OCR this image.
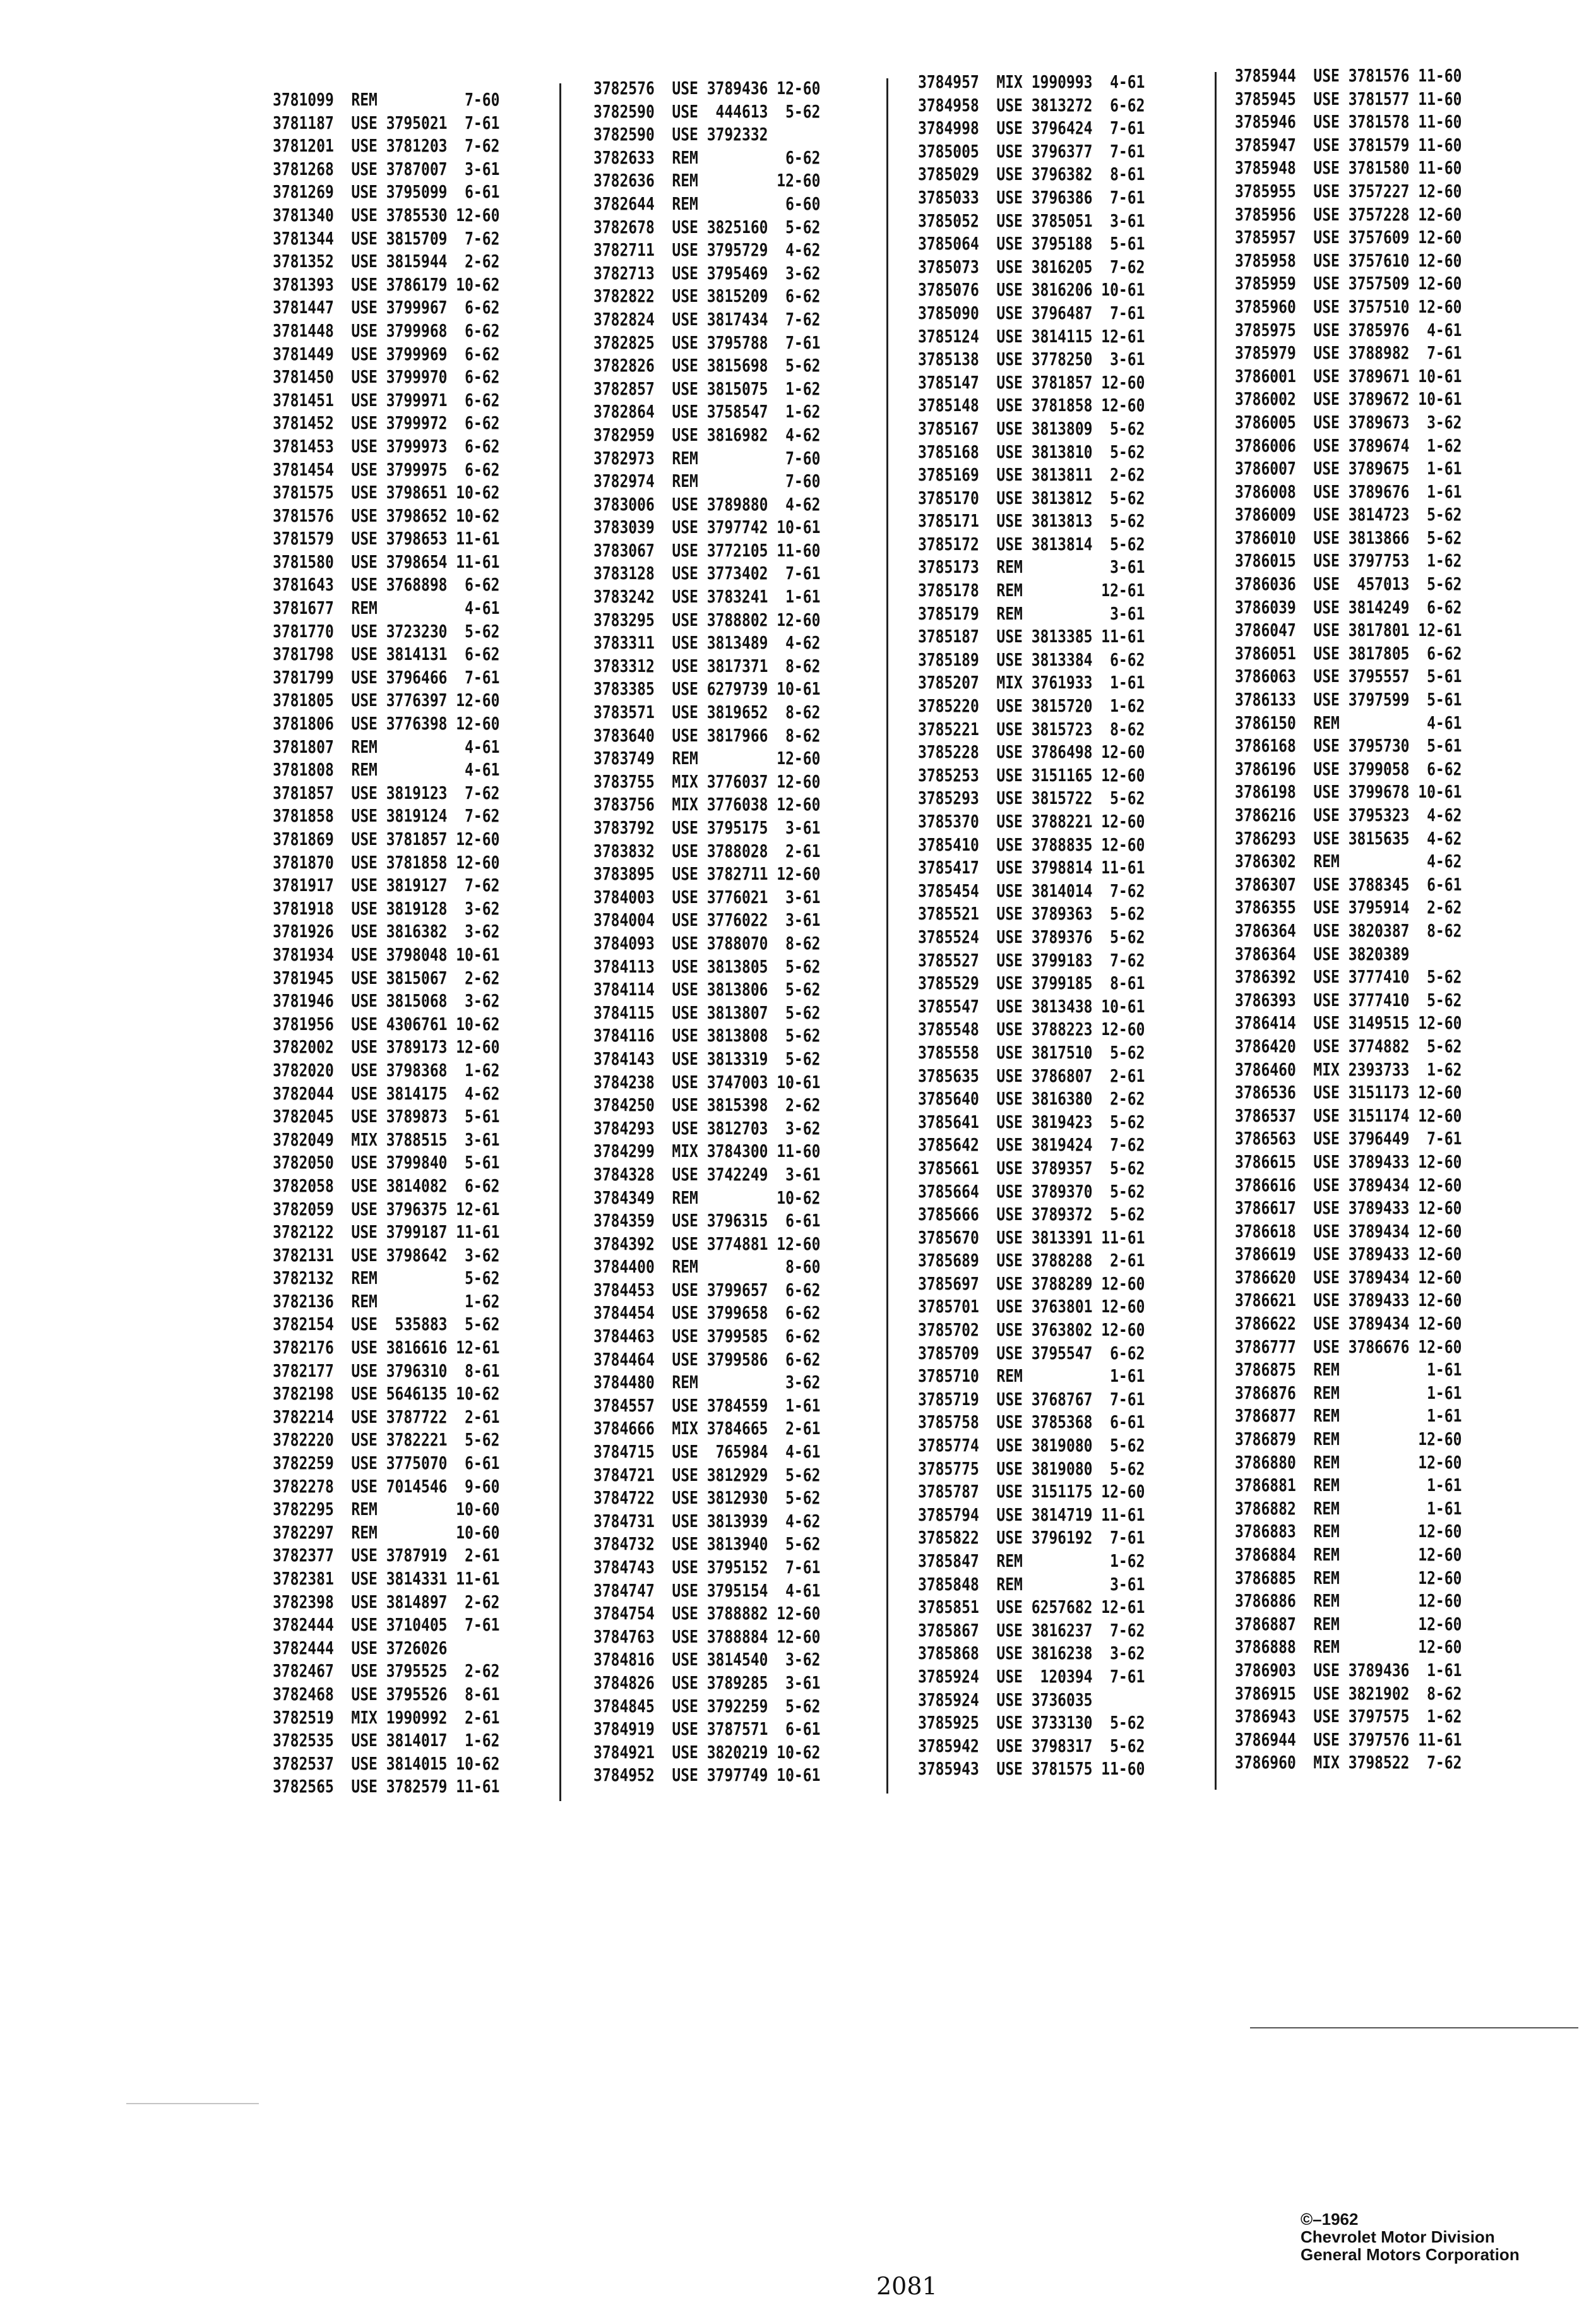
3781099  REM          7-60
3781187  USE 3795021  7-61
3781201  USE 3781203  7-62
3781268  USE 3787007  3-61
3781269  USE 3795099  6-61
3781340  USE 3785530 12-60
3781344  USE 3815709  7-62
3781352  USE 3815944  2-62
3781393  USE 3786179 10-62
3781447  USE 3799967  6-62
3781448  USE 3799968  6-62
3781449  USE 3799969  6-62
3781450  USE 3799970  6-62
3781451  USE 3799971  6-62
3781452  USE 3799972  6-62
3781453  USE 3799973  6-62
3781454  USE 3799975  6-62
3781575  USE 3798651 10-62
3781576  USE 3798652 10-62
3781579  USE 3798653 11-61
3781580  USE 3798654 11-61
3781643  USE 3768898  6-62
3781677  REM          4-61
3781770  USE 3723230  5-62
3781798  USE 3814131  6-62
3781799  USE 3796466  7-61
3781805  USE 3776397 12-60
3781806  USE 3776398 12-60
3781807  REM          4-61
3781808  REM          4-61
3781857  USE 3819123  7-62
3781858  USE 3819124  7-62
3781869  USE 3781857 12-60
3781870  USE 3781858 12-60
3781917  USE 3819127  7-62
3781918  USE 3819128  3-62
3781926  USE 3816382  3-62
3781934  USE 3798048 10-61
3781945  USE 3815067  2-62
3781946  USE 3815068  3-62
3781956  USE 4306761 10-62
3782002  USE 3789173 12-60
3782020  USE 3798368  1-62
3782044  USE 3814175  4-62
3782045  USE 3789873  5-61
3782049  MIX 3788515  3-61
3782050  USE 3799840  5-61
3782058  USE 3814082  6-62
3782059  USE 3796375 12-61
3782122  USE 3799187 11-61
3782131  USE 3798642  3-62
3782132  REM          5-62
3782136  REM          1-62
3782154  USE  535883  5-62
3782176  USE 3816616 12-61
3782177  USE 3796310  8-61
3782198  USE 5646135 10-62
3782214  USE 3787722  2-61
3782220  USE 3782221  5-62
3782259  USE 3775070  6-61
3782278  USE 7014546  9-60
3782295  REM         10-60
3782297  REM         10-60
3782377  USE 3787919  2-61
3782381  USE 3814331 11-61
3782398  USE 3814897  2-62
3782444  USE 3710405  7-61
3782444  USE 3726026
3782467  USE 3795525  2-62
3782468  USE 3795526  8-61
3782519  MIX 1990992  2-61
3782535  USE 3814017  1-62
3782537  USE 3814015 10-62
3782565  USE 3782579 11-61
3782576  USE 3789436 12-60
3782590  USE  444613  5-62
3782590  USE 3792332
3782633  REM          6-62
3782636  REM         12-60
3782644  REM          6-60
3782678  USE 3825160  5-62
3782711  USE 3795729  4-62
3782713  USE 3795469  3-62
3782822  USE 3815209  6-62
3782824  USE 3817434  7-62
3782825  USE 3795788  7-61
3782826  USE 3815698  5-62
3782857  USE 3815075  1-62
3782864  USE 3758547  1-62
3782959  USE 3816982  4-62
3782973  REM          7-60
3782974  REM          7-60
3783006  USE 3789880  4-62
3783039  USE 3797742 10-61
3783067  USE 3772105 11-60
3783128  USE 3773402  7-61
3783242  USE 3783241  1-61
3783295  USE 3788802 12-60
3783311  USE 3813489  4-62
3783312  USE 3817371  8-62
3783385  USE 6279739 10-61
3783571  USE 3819652  8-62
3783640  USE 3817966  8-62
3783749  REM         12-60
3783755  MIX 3776037 12-60
3783756  MIX 3776038 12-60
3783792  USE 3795175  3-61
3783832  USE 3788028  2-61
3783895  USE 3782711 12-60
3784003  USE 3776021  3-61
3784004  USE 3776022  3-61
3784093  USE 3788070  8-62
3784113  USE 3813805  5-62
3784114  USE 3813806  5-62
3784115  USE 3813807  5-62
3784116  USE 3813808  5-62
3784143  USE 3813319  5-62
3784238  USE 3747003 10-61
3784250  USE 3815398  2-62
3784293  USE 3812703  3-62
3784299  MIX 3784300 11-60
3784328  USE 3742249  3-61
3784349  REM         10-62
3784359  USE 3796315  6-61
3784392  USE 3774881 12-60
3784400  REM          8-60
3784453  USE 3799657  6-62
3784454  USE 3799658  6-62
3784463  USE 3799585  6-62
3784464  USE 3799586  6-62
3784480  REM          3-62
3784557  USE 3784559  1-61
3784666  MIX 3784665  2-61
3784715  USE  765984  4-61
3784721  USE 3812929  5-62
3784722  USE 3812930  5-62
3784731  USE 3813939  4-62
3784732  USE 3813940  5-62
3784743  USE 3795152  7-61
3784747  USE 3795154  4-61
3784754  USE 3788882 12-60
3784763  USE 3788884 12-60
3784816  USE 3814540  3-62
3784826  USE 3789285  3-61
3784845  USE 3792259  5-62
3784919  USE 3787571  6-61
3784921  USE 3820219 10-62
3784952  USE 3797749 10-61
3784957  MIX 1990993  4-61
3784958  USE 3813272  6-62
3784998  USE 3796424  7-61
3785005  USE 3796377  7-61
3785029  USE 3796382  8-61
3785033  USE 3796386  7-61
3785052  USE 3785051  3-61
3785064  USE 3795188  5-61
3785073  USE 3816205  7-62
3785076  USE 3816206 10-61
3785090  USE 3796487  7-61
3785124  USE 3814115 12-61
3785138  USE 3778250  3-61
3785147  USE 3781857 12-60
3785148  USE 3781858 12-60
3785167  USE 3813809  5-62
3785168  USE 3813810  5-62
3785169  USE 3813811  2-62
3785170  USE 3813812  5-62
3785171  USE 3813813  5-62
3785172  USE 3813814  5-62
3785173  REM          3-61
3785178  REM         12-61
3785179  REM          3-61
3785187  USE 3813385 11-61
3785189  USE 3813384  6-62
3785207  MIX 3761933  1-61
3785220  USE 3815720  1-62
3785221  USE 3815723  8-62
3785228  USE 3786498 12-60
3785253  USE 3151165 12-60
3785293  USE 3815722  5-62
3785370  USE 3788221 12-60
3785410  USE 3788835 12-60
3785417  USE 3798814 11-61
3785454  USE 3814014  7-62
3785521  USE 3789363  5-62
3785524  USE 3789376  5-62
3785527  USE 3799183  7-62
3785529  USE 3799185  8-61
3785547  USE 3813438 10-61
3785548  USE 3788223 12-60
3785558  USE 3817510  5-62
3785635  USE 3786807  2-61
3785640  USE 3816380  2-62
3785641  USE 3819423  5-62
3785642  USE 3819424  7-62
3785661  USE 3789357  5-62
3785664  USE 3789370  5-62
3785666  USE 3789372  5-62
3785670  USE 3813391 11-61
3785689  USE 3788288  2-61
3785697  USE 3788289 12-60
3785701  USE 3763801 12-60
3785702  USE 3763802 12-60
3785709  USE 3795547  6-62
3785710  REM          1-61
3785719  USE 3768767  7-61
3785758  USE 3785368  6-61
3785774  USE 3819080  5-62
3785775  USE 3819080  5-62
3785787  USE 3151175 12-60
3785794  USE 3814719 11-61
3785822  USE 3796192  7-61
3785847  REM          1-62
3785848  REM          3-61
3785851  USE 6257682 12-61
3785867  USE 3816237  7-62
3785868  USE 3816238  3-62
3785924  USE  120394  7-61
3785924  USE 3736035
3785925  USE 3733130  5-62
3785942  USE 3798317  5-62
3785943  USE 3781575 11-60
3785944  USE 3781576 11-60
3785945  USE 3781577 11-60
3785946  USE 3781578 11-60
3785947  USE 3781579 11-60
3785948  USE 3781580 11-60
3785955  USE 3757227 12-60
3785956  USE 3757228 12-60
3785957  USE 3757609 12-60
3785958  USE 3757610 12-60
3785959  USE 3757509 12-60
3785960  USE 3757510 12-60
3785975  USE 3785976  4-61
3785979  USE 3788982  7-61
3786001  USE 3789671 10-61
3786002  USE 3789672 10-61
3786005  USE 3789673  3-62
3786006  USE 3789674  1-62
3786007  USE 3789675  1-61
3786008  USE 3789676  1-61
3786009  USE 3814723  5-62
3786010  USE 3813866  5-62
3786015  USE 3797753  1-62
3786036  USE  457013  5-62
3786039  USE 3814249  6-62
3786047  USE 3817801 12-61
3786051  USE 3817805  6-62
3786063  USE 3795557  5-61
3786133  USE 3797599  5-61
3786150  REM          4-61
3786168  USE 3795730  5-61
3786196  USE 3799058  6-62
3786198  USE 3799678 10-61
3786216  USE 3795323  4-62
3786293  USE 3815635  4-62
3786302  REM          4-62
3786307  USE 3788345  6-61
3786355  USE 3795914  2-62
3786364  USE 3820387  8-62
3786364  USE 3820389
3786392  USE 3777410  5-62
3786393  USE 3777410  5-62
3786414  USE 3149515 12-60
3786420  USE 3774882  5-62
3786460  MIX 2393733  1-62
3786536  USE 3151173 12-60
3786537  USE 3151174 12-60
3786563  USE 3796449  7-61
3786615  USE 3789433 12-60
3786616  USE 3789434 12-60
3786617  USE 3789433 12-60
3786618  USE 3789434 12-60
3786619  USE 3789433 12-60
3786620  USE 3789434 12-60
3786621  USE 3789433 12-60
3786622  USE 3789434 12-60
3786777  USE 3786676 12-60
3786875  REM          1-61
3786876  REM          1-61
3786877  REM          1-61
3786879  REM         12-60
3786880  REM         12-60
3786881  REM          1-61
3786882  REM          1-61
3786883  REM         12-60
3786884  REM         12-60
3786885  REM         12-60
3786886  REM         12-60
3786887  REM         12-60
3786888  REM         12-60
3786903  USE 3789436  1-61
3786915  USE 3821902  8-62
3786943  USE 3797575  1-62
3786944  USE 3797576 11-61
3786960  MIX 3798522  7-62
©–1962
Chevrolet Motor Division
General Motors Corporation
2081
